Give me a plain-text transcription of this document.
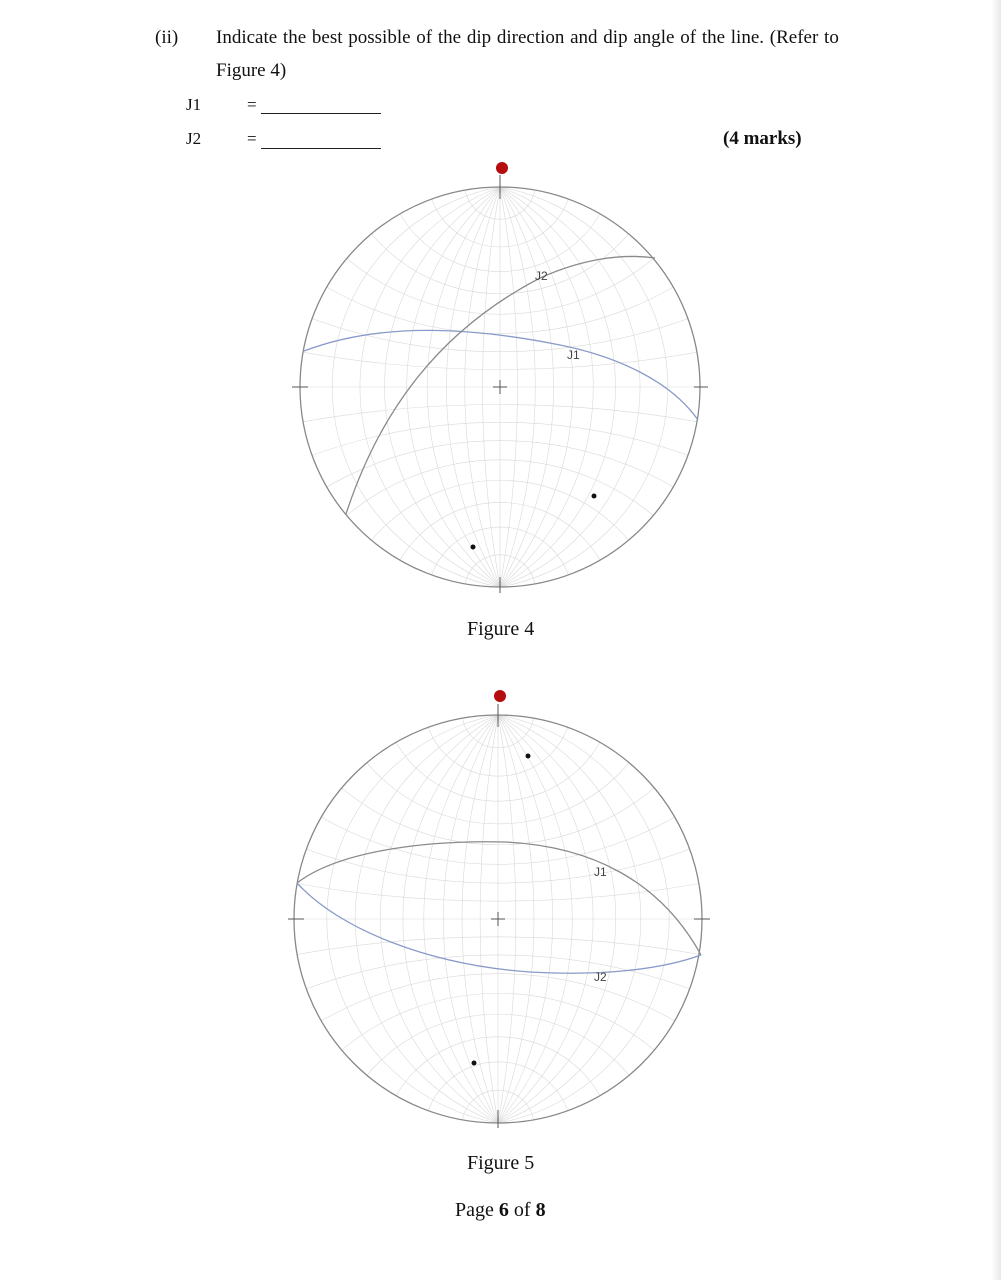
(ii) Indicate the best possible of the dip direction and dip angle of the line. (Refer to
Figure 4)
J1	=
J2	=	(4 marks)
J2
J1
Figure 4
J1
J2
Figure 5
Page 6 of 8
